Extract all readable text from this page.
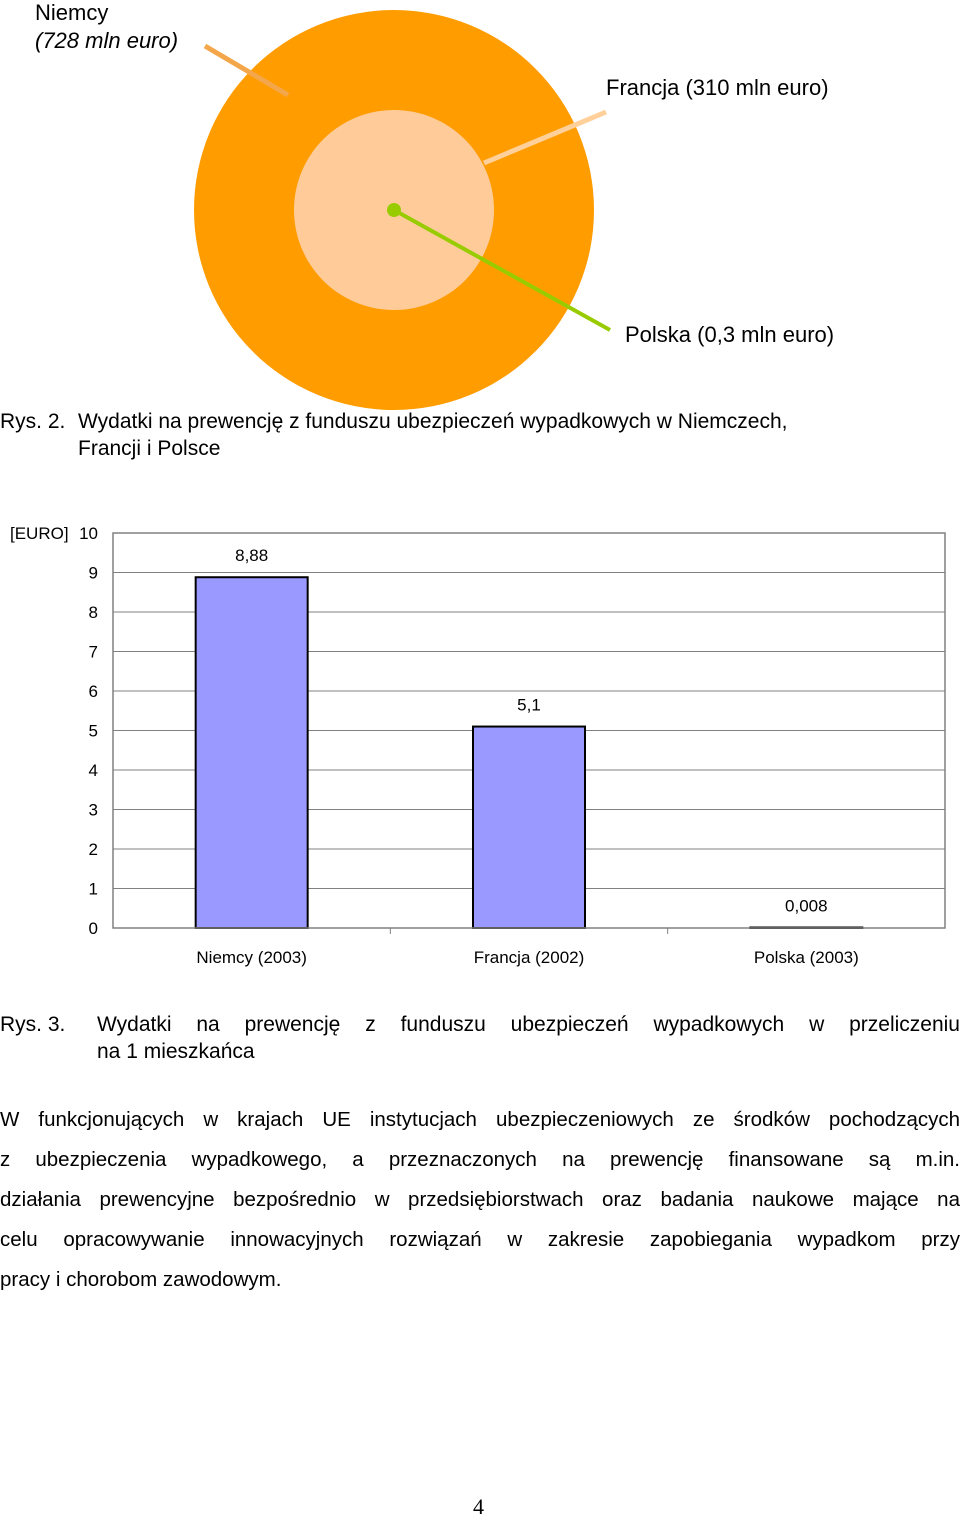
Niemcy
(728 mln euro)
Francja (310 mln euro)
Polska (0,3 mln euro)
Rys. 2. Wydatki na prewencję z funduszu ubezpieczeń wypadkowych w Niemczech,
Francji i Polsce
0
1
2
3
4
5
6
7
8
9
10
[EURO]
8,88
Niemcy (2003)
5,1
Francja (2002)
0,008
Polska (2003)
Rys. 3. Wydatki na prewencję z funduszu ubezpieczeń wypadkowych w przeliczeniu
na 1 mieszkańca
W funkcjonujących w krajach UE instytucjach ubezpieczeniowych ze środków pochodzących
z ubezpieczenia wypadkowego, a przeznaczonych na prewencję finansowane są m.in.
działania prewencyjne bezpośrednio w przedsiębiorstwach oraz badania naukowe mające na
celu opracowywanie innowacyjnych rozwiązań w zakresie zapobiegania wypadkom przy
pracy i chorobom zawodowym.
4
